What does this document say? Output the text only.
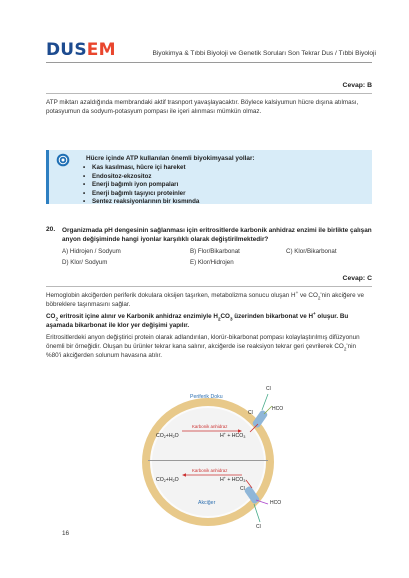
DUSEM	Biyokimya & Tıbbi Biyoloji ve Genetik Soruları Son Tekrar Dus / Tıbbi Biyoloji
Cevap: B
ATP miktarı azaldığında membrandaki aktif trasnport yavaşlayacaktır. Böylece kalsiyumun hücre dışına atılması, potasyumun da sodyum-potasyum pompası ile içeri alınması mümkün olmaz.
Hücre içinde ATP kullanılan önemli biyokimyasal yollar:
• Kas kasılması, hücre içi hareket
• Endositoz-ekzositoz
• Enerji bağımlı iyon pompaları
• Enerji bağımlı taşıyıcı proteinler
• Sentez reaksiyonlarının bir kısmında
20. Organizmada pH dengesinin sağlanması için eritrositlerde karbonik anhidraz enzimi ile birlikte çalışan anyon değişiminde hangi iyonlar karşılıklı olarak değiştirilmektedir?
A) Hidrojen / Sodyum	B) Flor/Bikarbonat	C) Klor/Bikarbonat
D) Klor/ Sodyum	E) Klor/Hidrojen
Cevap: C
Hemoglobin akciğerden periferik dokulara oksijen taşırken, metabolizma sonucu oluşan H+ ve $CO_2'nin$ akciğere ve böbreklere taşınmasını sağlar.
$CO_2$ eritrosit içine alınır ve Karbonik anhidraz enzimiyle $H_2CO_3$ üzerinden bikarbonat ve H+ oluşur. Bu aşamada bikarbonat ile klor yer değişimi yapılır.
Eritrositlerdeki anyon değiştirici protein olarak adlandırılan, klorür-bikarbonat pompası kolaylaştırılmış difüzyonun önemli bir örneğidir. Oluşan bu ürünler tekrar kana salınır, akciğerde ise reaksiyon tekrar geri çevrilerek $CO_2'nin$ %80'i akciğerden solunum havasına atılır.
Periferik Doku
Karbonik anhidraz
$CO_2+H_2O$	$H^+ + HCO_3$
Cl
Cl
HCO
Karbonik anhidraz
$CO_2+H_2O$	$H^+ + HCO_3$
Akciğer
Cl
HCO
Cl
16
